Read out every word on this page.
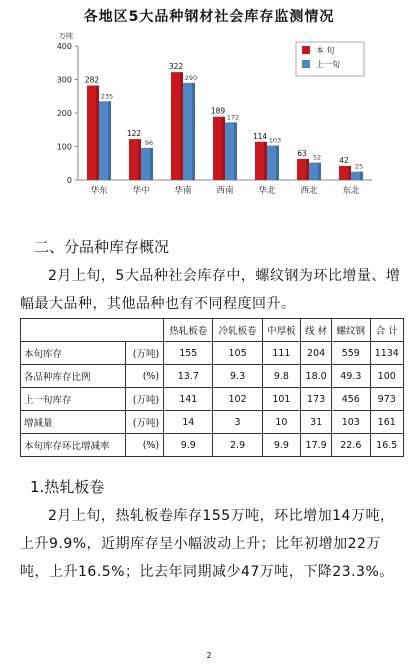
各地区5大品种钢材社会库存监测情况
0
100
200
300
400
万吨
282
235
华东
122
96
华中
322
290
华南
189
172
西南
114 103
华北
63 52
西北
42
25
东北
本 旬
上一旬
二、分品种库存概况
2月上旬，5大品种社会库存中，螺纹钢为环比增量、增幅最大品种，其他品种也有不同程度回升。
		热轧板卷	冷轧板卷	中厚板	线 材	螺纹钢	合 计
本旬库存	(万吨)	155	105	111	204	559	1134
各品种库存比例	(%)	13.7	9.3	9.8	18.0	49.3	100
上一旬库存	(万吨)	141	102	101	173	456	973
增减量	(万吨)	14	3	10	31	103	161
本旬库存环比增减率	(%)	9.9	2.9	9.9	17.9	22.6	16.5
1.热轧板卷
2月上旬，热轧板卷库存155万吨，环比增加14万吨，上升9.9%，近期库存呈小幅波动上升；比年初增加22万吨，上升16.5%；比去年同期减少47万吨，下降23.3%。
2
